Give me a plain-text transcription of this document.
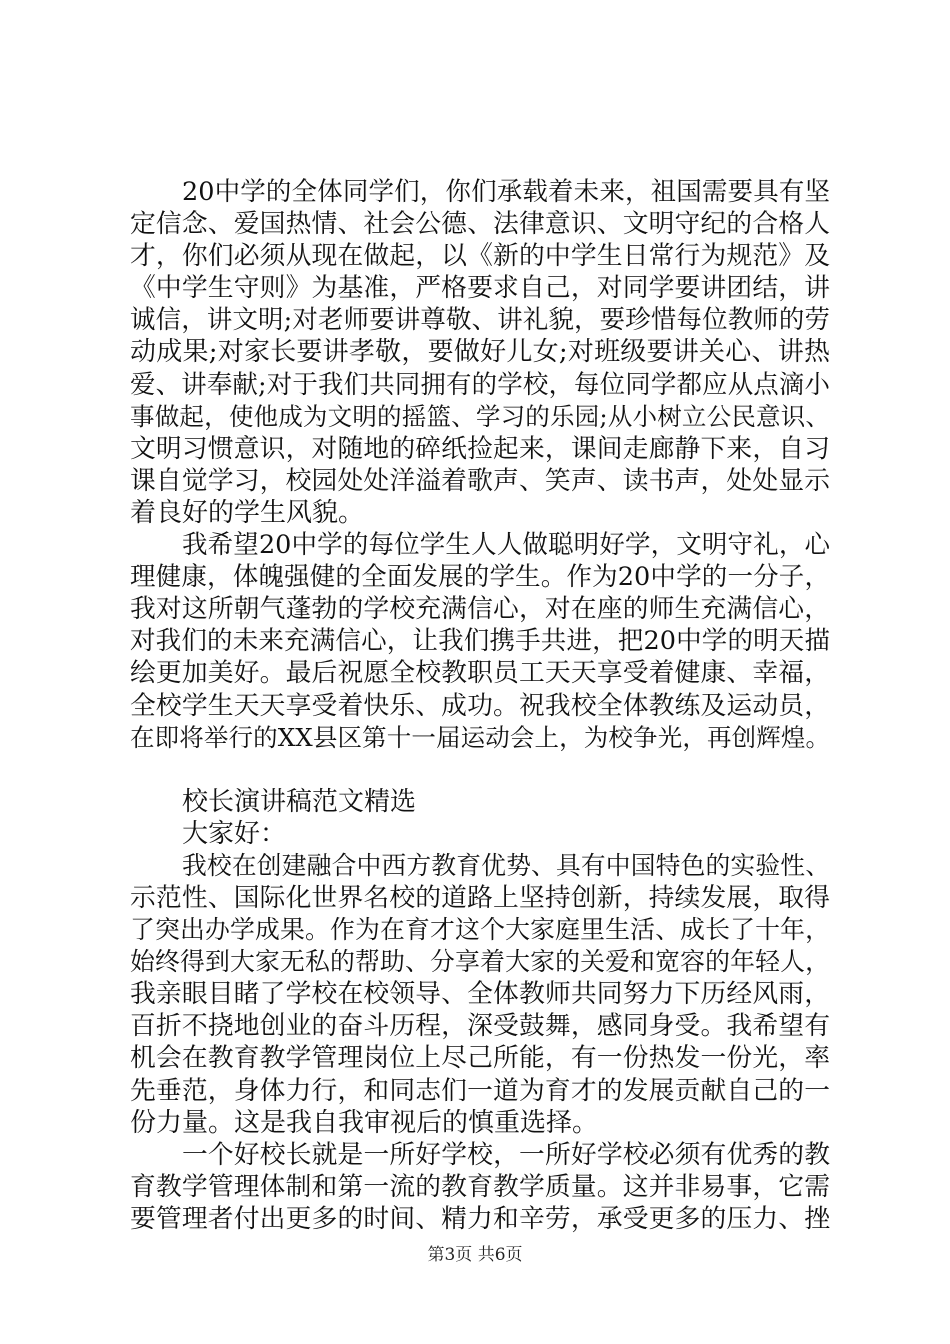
20中学的全体同学们，你们承载着未来，祖国需要具有坚
定信念、爱国热情、社会公德、法律意识、文明守纪的合格人
才，你们必须从现在做起，以《新的中学生日常行为规范》及
《中学生守则》为基准，严格要求自己，对同学要讲团结，讲
诚信，讲文明;对老师要讲尊敬、讲礼貌，要珍惜每位教师的劳
动成果;对家长要讲孝敬，要做好儿女;对班级要讲关心、讲热
爱、讲奉献;对于我们共同拥有的学校，每位同学都应从点滴小
事做起，使他成为文明的摇篮、学习的乐园;从小树立公民意识、
文明习惯意识，对随地的碎纸捡起来，课间走廊静下来，自习
课自觉学习，校园处处洋溢着歌声、笑声、读书声，处处显示
着良好的学生风貌。
我希望20中学的每位学生人人做聪明好学，文明守礼，心
理健康，体魄强健的全面发展的学生。作为20中学的一分子，
我对这所朝气蓬勃的学校充满信心，对在座的师生充满信心，
对我们的未来充满信心，让我们携手共进，把20中学的明天描
绘更加美好。最后祝愿全校教职员工天天享受着健康、幸福，
全校学生天天享受着快乐、成功。祝我校全体教练及运动员，
在即将举行的XX县区第十一届运动会上，为校争光，再创辉煌。
校长演讲稿范文精选
大家好：
我校在创建融合中西方教育优势、具有中国特色的实验性、
示范性、国际化世界名校的道路上坚持创新，持续发展，取得
了突出办学成果。作为在育才这个大家庭里生活、成长了十年，
始终得到大家无私的帮助、分享着大家的关爱和宽容的年轻人，
我亲眼目睹了学校在校领导、全体教师共同努力下历经风雨，
百折不挠地创业的奋斗历程，深受鼓舞，感同身受。我希望有
机会在教育教学管理岗位上尽己所能，有一份热发一份光，率
先垂范，身体力行，和同志们一道为育才的发展贡献自己的一
份力量。这是我自我审视后的慎重选择。
一个好校长就是一所好学校，一所好学校必须有优秀的教
育教学管理体制和第一流的教育教学质量。这并非易事，它需
要管理者付出更多的时间、精力和辛劳，承受更多的压力、挫
第3页 共6页
